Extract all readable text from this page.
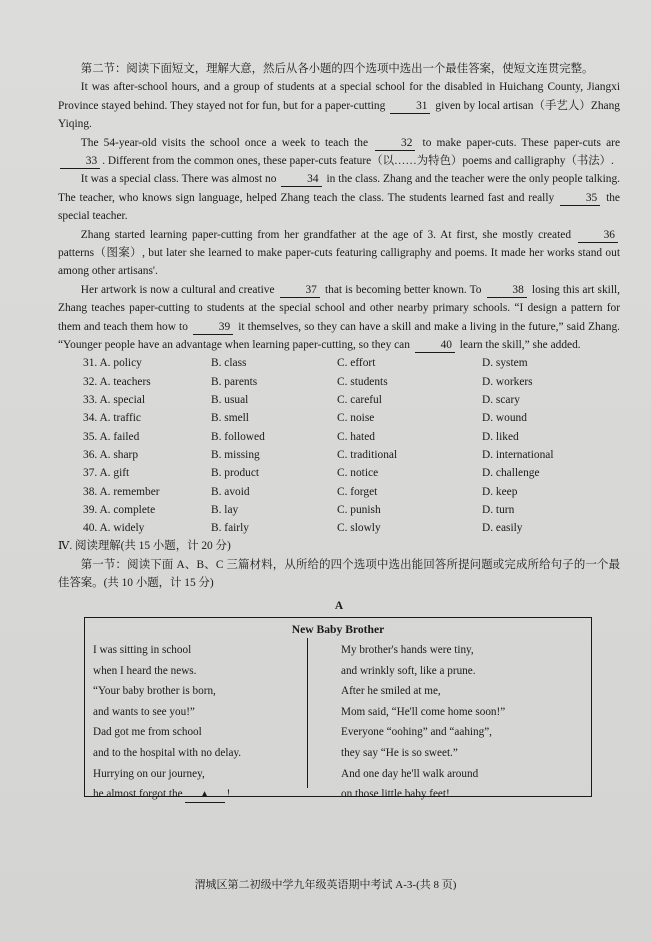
第二节：阅读下面短文，理解大意，然后从各小题的四个选项中选出一个最佳答案，使短文连贯完整。

It was after-school hours, and a group of students at a special school for the disabled in Huichang County, Jiangxi Province stayed behind. They stayed not for fun, but for a paper-cutting 31 given by local artisan（手艺人）Zhang Yiqing.

The 54-year-old visits the school once a week to teach the 32 to make paper-cuts. These paper-cuts are 33 . Different from the common ones, these paper-cuts feature（以……为特色）poems and calligraphy（书法）.

It was a special class. There was almost no 34 in the class. Zhang and the teacher were the only people talking. The teacher, who knows sign language, helped Zhang teach the class. The students learned fast and really 35 the special teacher.

Zhang started learning paper-cutting from her grandfather at the age of 3. At first, she mostly created 36 patterns（图案）, but later she learned to make paper-cuts featuring calligraphy and poems. It made her works stand out among other artisans'.

Her artwork is now a cultural and creative 37 that is becoming better known. To 38 losing this art skill, Zhang teaches paper-cutting to students at the special school and other nearby primary schools. “I design a pattern for them and teach them how to 39 it themselves, so they can have a skill and make a living in the future,” said Zhang. “Younger people have an advantage when learning paper-cutting, so they can 40 learn the skill,” she added.

31. A. policy	B. class	C. effort	D. system
32. A. teachers	B. parents	C. students	D. workers
33. A. special	B. usual	C. careful	D. scary
34. A. traffic	B. smell	C. noise	D. wound
35. A. failed	B. followed	C. hated	D. liked
36. A. sharp	B. missing	C. traditional	D. international
37. A. gift	B. product	C. notice	D. challenge
38. A. remember	B. avoid	C. forget	D. keep
39. A. complete	B. lay	C. punish	D. turn
40. A. widely	B. fairly	C. slowly	D. easily

Ⅳ. 阅读理解(共 15 小题，计 20 分)

第一节：阅读下面 A、B、C 三篇材料，从所给的四个选项中选出能回答所提问题或完成所给句子的一个最佳答案。(共 10 小题，计 15 分)

A
New Baby Brother
I was sitting in school
when I heard the news.
“Your baby brother is born,
and wants to see you!”
Dad got me from school
and to the hospital with no delay.
Hurrying on our journey,
he almost forgot the ▲ !
My brother's hands were tiny,
and wrinkly soft, like a prune.
After he smiled at me,
Mom said, “He'll come home soon!”
Everyone “oohing” and “aahing”,
they say “He is so sweet.”
And one day he'll walk around
on those little baby feet!
渭城区第二初级中学九年级英语期中考试 A-3-(共 8 页)
